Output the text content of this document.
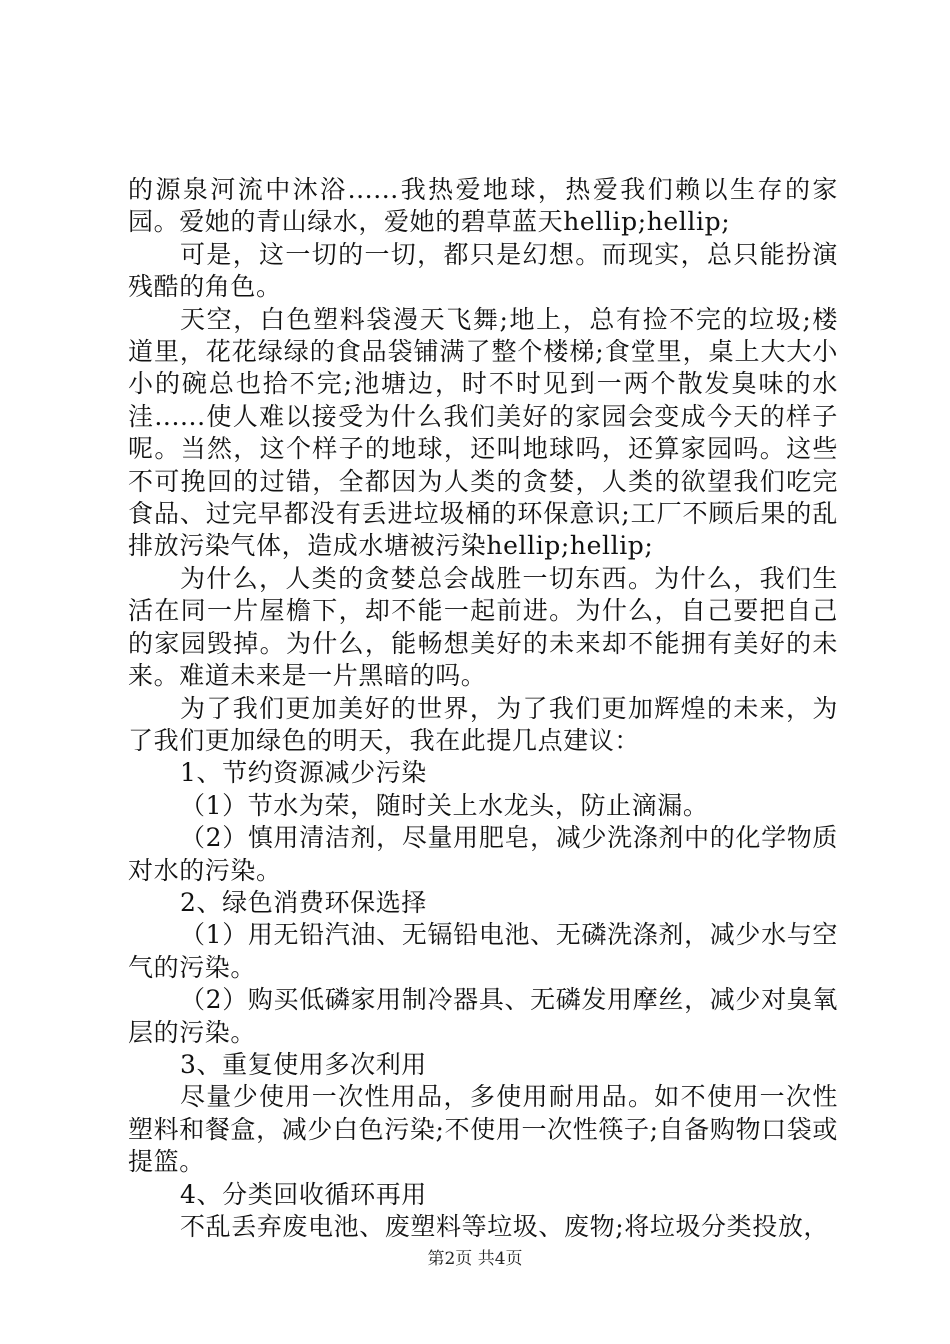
的源泉河流中沐浴......我热爱地球，热爱我们赖以生存的家园。爱她的青山绿水，爱她的碧草蓝天hellip;hellip;

可是，这一切的一切，都只是幻想。而现实，总只能扮演残酷的角色。

天空，白色塑料袋漫天飞舞;地上，总有捡不完的垃圾;楼道里，花花绿绿的食品袋铺满了整个楼梯;食堂里，桌上大大小小的碗总也拾不完;池塘边，时不时见到一两个散发臭味的水洼......使人难以接受为什么我们美好的家园会变成今天的样子呢。当然，这个样子的地球，还叫地球吗，还算家园吗。这些不可挽回的过错，全都因为人类的贪婪，人类的欲望我们吃完食品、过完早都没有丢进垃圾桶的环保意识;工厂不顾后果的乱排放污染气体，造成水塘被污染hellip;hellip;

为什么，人类的贪婪总会战胜一切东西。为什么，我们生活在同一片屋檐下，却不能一起前进。为什么，自己要把自己的家园毁掉。为什么，能畅想美好的未来却不能拥有美好的未来。难道未来是一片黑暗的吗。

为了我们更加美好的世界，为了我们更加辉煌的未来，为了我们更加绿色的明天，我在此提几点建议：

1、节约资源减少污染

（1）节水为荣，随时关上水龙头，防止滴漏。

（2）慎用清洁剂，尽量用肥皂，减少洗涤剂中的化学物质对水的污染。

2、绿色消费环保选择

（1）用无铅汽油、无镉铅电池、无磷洗涤剂，减少水与空气的污染。

（2）购买低磷家用制冷器具、无磷发用摩丝，减少对臭氧层的污染。

3、重复使用多次利用

尽量少使用一次性用品，多使用耐用品。如不使用一次性塑料和餐盒，减少白色污染;不使用一次性筷子;自备购物口袋或提篮。

4、分类回收循环再用

不乱丢弃废电池、废塑料等垃圾、废物;将垃圾分类投放，

第2页 共4页
